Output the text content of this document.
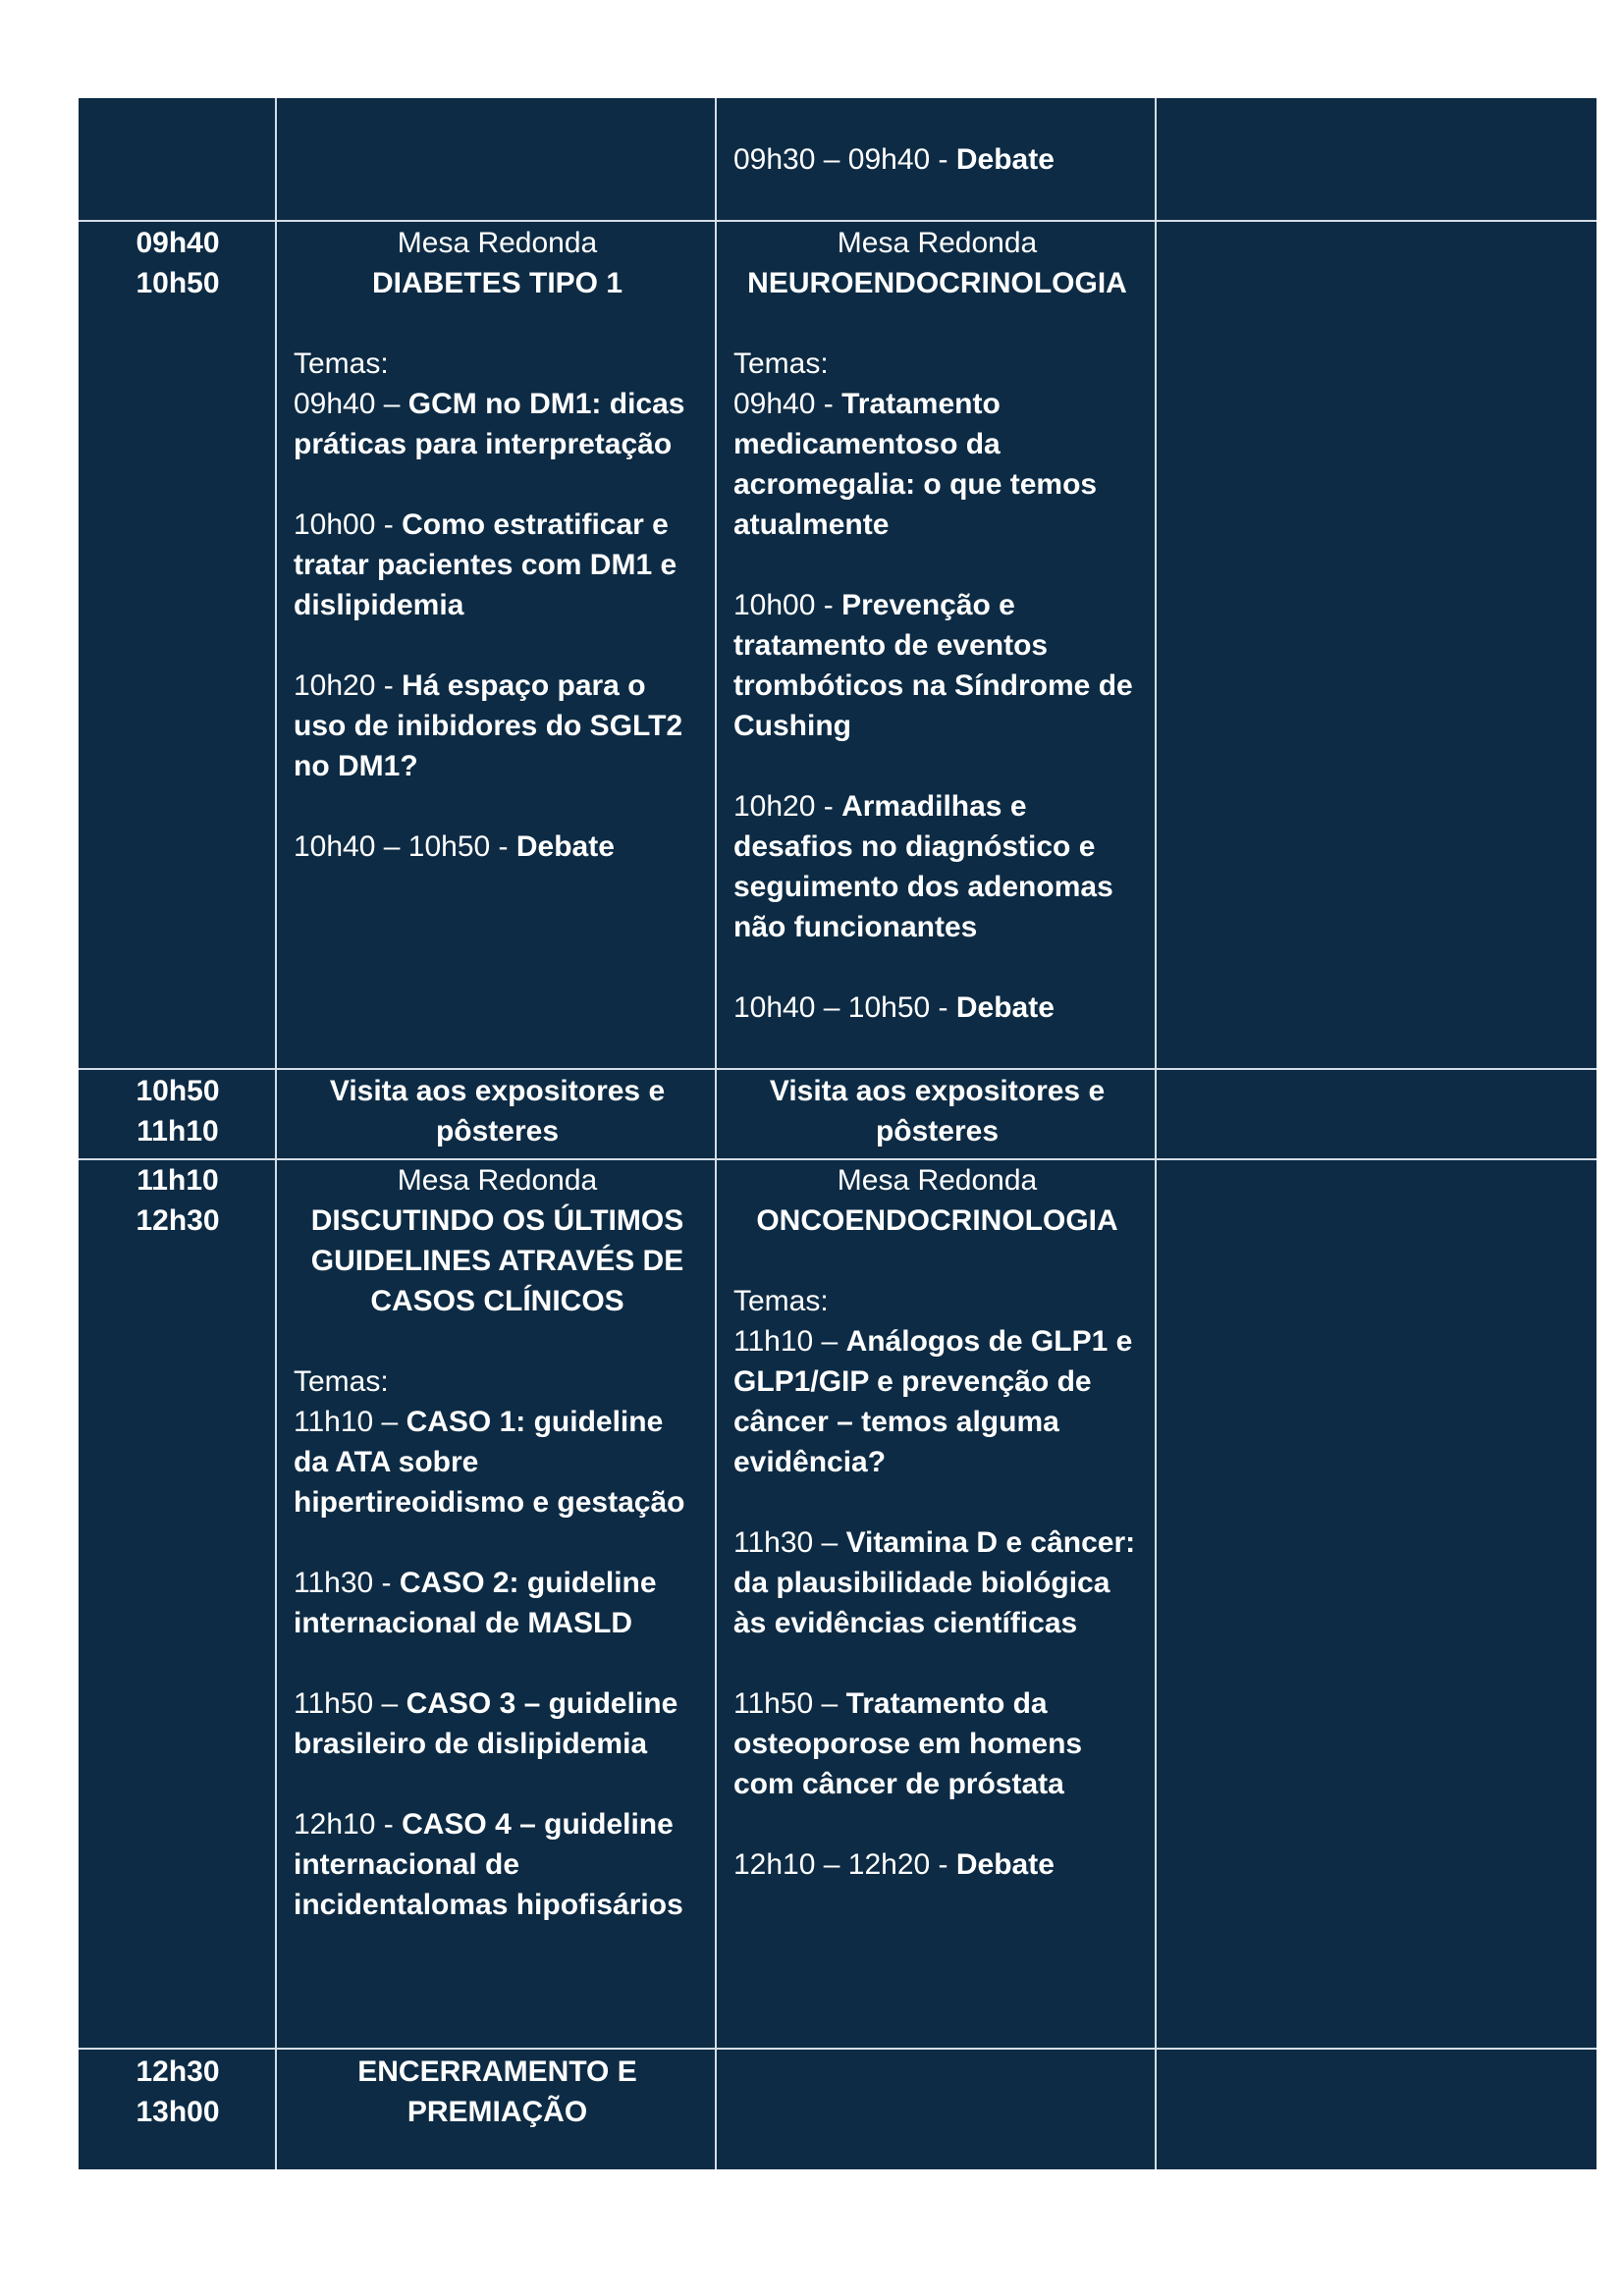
09h30 – 09h40 - Debate
09h40
10h50
Mesa Redonda
DIABETES TIPO 1
Temas:
09h40 – GCM no DM1: dicas práticas para interpretação
10h00 - Como estratificar e tratar pacientes com DM1 e dislipidemia
10h20 - Há espaço para o uso de inibidores do SGLT2 no DM1?
10h40 – 10h50 - Debate
Mesa Redonda
NEUROENDOCRINOLOGIA
Temas:
09h40 - Tratamento medicamentoso da acromegalia: o que temos atualmente
10h00 - Prevenção e tratamento de eventos trombóticos na Síndrome de Cushing
10h20 - Armadilhas e desafios no diagnóstico e seguimento dos adenomas não funcionantes
10h40 – 10h50 - Debate
10h50
11h10
Visita aos expositores e pôsteres
Visita aos expositores e pôsteres
11h10
12h30
Mesa Redonda
DISCUTINDO OS ÚLTIMOS GUIDELINES ATRAVÉS DE CASOS CLÍNICOS
Temas:
11h10 – CASO 1: guideline da ATA sobre hipertireoidismo e gestação
11h30 - CASO 2: guideline internacional de MASLD
11h50 – CASO 3 – guideline brasileiro de dislipidemia
12h10 - CASO 4 – guideline internacional de incidentalomas hipofisários
Mesa Redonda
ONCOENDOCRINOLOGIA
Temas:
11h10 – Análogos de GLP1 e GLP1/GIP e prevenção de câncer – temos alguma evidência?
11h30 – Vitamina D e câncer: da plausibilidade biológica às evidências científicas
11h50 – Tratamento da osteoporose em homens com câncer de próstata
12h10 – 12h20 - Debate
12h30
13h00
ENCERRAMENTO E PREMIAÇÃO
